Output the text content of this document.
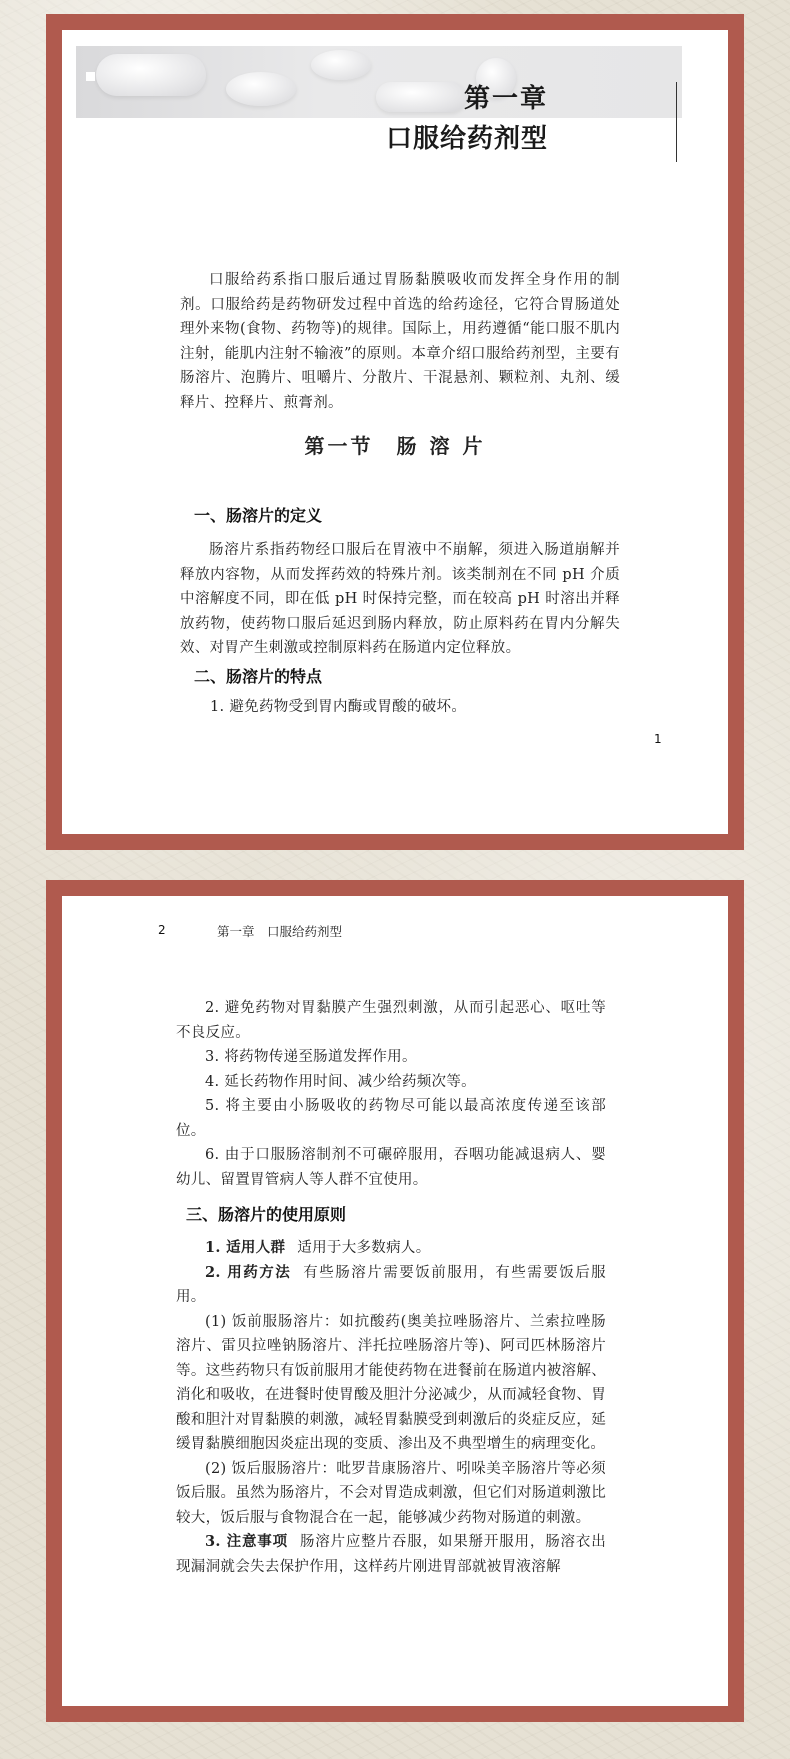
第一章
口服给药剂型
口服给药系指口服后通过胃肠黏膜吸收而发挥全身作用的制剂。口服给药是药物研发过程中首选的给药途径，它符合胃肠道处理外来物(食物、药物等)的规律。国际上，用药遵循“能口服不肌内注射，能肌内注射不输液”的原则。本章介绍口服给药剂型，主要有肠溶片、泡腾片、咀嚼片、分散片、干混悬剂、颗粒剂、丸剂、缓释片、控释片、煎膏剂。
第一节　肠 溶 片
一、肠溶片的定义
肠溶片系指药物经口服后在胃液中不崩解，须进入肠道崩解并释放内容物，从而发挥药效的特殊片剂。该类制剂在不同 pH 介质中溶解度不同，即在低 pH 时保持完整，而在较高 pH 时溶出并释放药物，使药物口服后延迟到肠内释放，防止原料药在胃内分解失效、对胃产生刺激或控制原料药在肠道内定位释放。
二、肠溶片的特点
1. 避免药物受到胃内酶或胃酸的破坏。
1
2	第一章　口服给药剂型
2. 避免药物对胃黏膜产生强烈刺激，从而引起恶心、呕吐等不良反应。
3. 将药物传递至肠道发挥作用。
4. 延长药物作用时间、减少给药频次等。
5. 将主要由小肠吸收的药物尽可能以最高浓度传递至该部位。
6. 由于口服肠溶制剂不可碾碎服用，吞咽功能减退病人、婴幼儿、留置胃管病人等人群不宜使用。
三、肠溶片的使用原则
1. 适用人群 适用于大多数病人。
2. 用药方法 有些肠溶片需要饭前服用，有些需要饭后服用。
(1) 饭前服肠溶片：如抗酸药(奥美拉唑肠溶片、兰索拉唑肠溶片、雷贝拉唑钠肠溶片、泮托拉唑肠溶片等)、阿司匹林肠溶片等。这些药物只有饭前服用才能使药物在进餐前在肠道内被溶解、消化和吸收，在进餐时使胃酸及胆汁分泌减少，从而减轻食物、胃酸和胆汁对胃黏膜的刺激，减轻胃黏膜受到刺激后的炎症反应，延缓胃黏膜细胞因炎症出现的变质、渗出及不典型增生的病理变化。
(2) 饭后服肠溶片：吡罗昔康肠溶片、吲哚美辛肠溶片等必须饭后服。虽然为肠溶片，不会对胃造成刺激，但它们对肠道刺激比较大，饭后服与食物混合在一起，能够减少药物对肠道的刺激。
3. 注意事项 肠溶片应整片吞服，如果掰开服用，肠溶衣出现漏洞就会失去保护作用，这样药片刚进胃部就被胃液溶解
